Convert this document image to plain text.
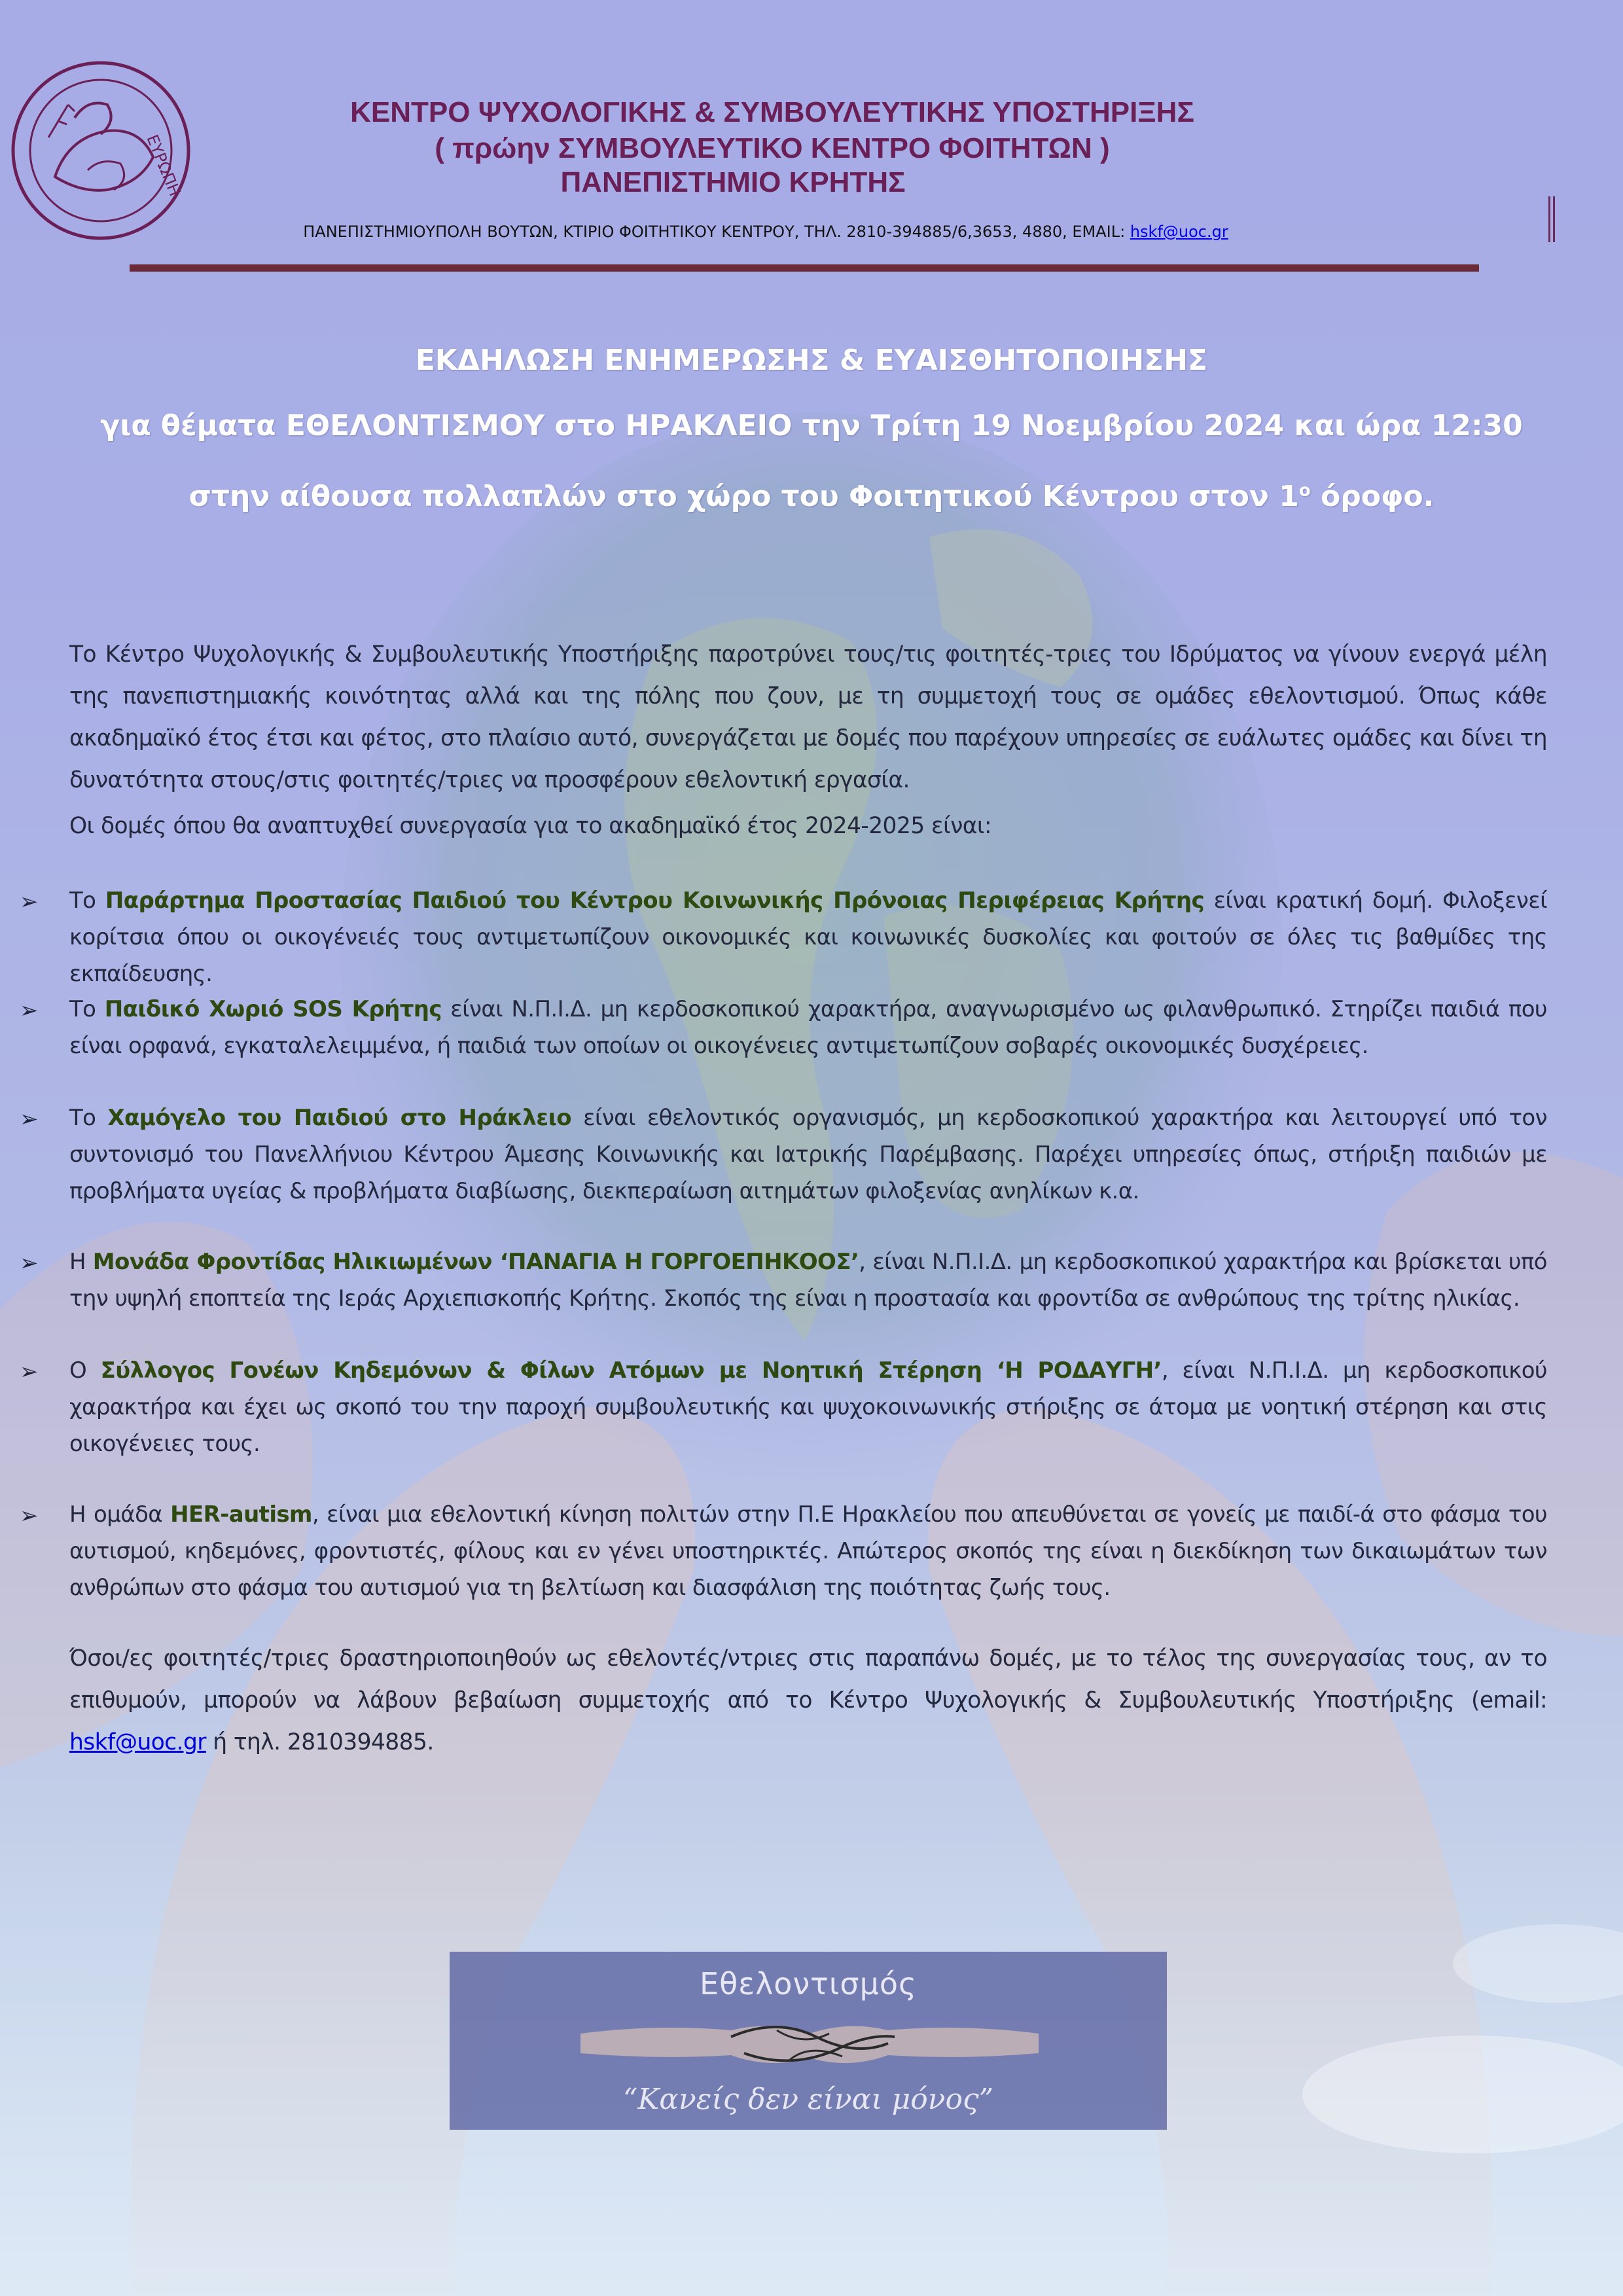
ΕΥΡΩΠΗ
ΚΕΝΤΡΟ ΨΥΧΟΛΟΓΙΚΗΣ & ΣΥΜΒΟΥΛΕΥΤΙΚΗΣ ΥΠΟΣΤΗΡΙΞΗΣ
( πρώην ΣΥΜΒΟΥΛΕΥΤΙΚΟ ΚΕΝΤΡΟ ΦΟΙΤΗΤΩΝ )
ΠΑΝΕΠΙΣΤΗΜΙΟ ΚΡΗΤΗΣ
ΠΑΝΕΠΙΣΤΗΜΙΟΥΠΟΛΗ ΒΟΥΤΩΝ, ΚΤΙΡΙΟ ΦΟΙΤΗΤΙΚΟΥ ΚΕΝΤΡΟΥ, ΤΗΛ. 2810-394885/6,3653, 4880, EMAIL: hskf@uoc.gr

ΕΚΔΗΛΩΣΗ ΕΝΗΜΕΡΩΣΗΣ & ΕΥΑΙΣΘΗΤΟΠΟΙΗΣΗΣ

για θέματα ΕΘΕΛΟΝΤΙΣΜΟΥ στο ΗΡΑΚΛΕΙΟ την Τρίτη 19 Νοεμβρίου 2024 και ώρα 12:30

στην αίθουσα πολλαπλών στο χώρο του Φοιτητικού Κέντρου στον $1^o$ όροφο.

Το Κέντρο Ψυχολογικής & Συμβουλευτικής Υποστήριξης παροτρύνει τους/τις φοιτητές-τριες του Ιδρύματος να γίνουν ενεργά μέλη της πανεπιστημιακής κοινότητας αλλά και της πόλης που ζουν, με τη συμμετοχή τους σε ομάδες εθελοντισμού. Όπως κάθε ακαδημαϊκό έτος έτσι και φέτος, στο πλαίσιο αυτό, συνεργάζεται με δομές που παρέχουν υπηρεσίες σε ευάλωτες ομάδες και δίνει τη δυνατότητα στους/στις φοιτητές/τριες να προσφέρουν εθελοντική εργασία.

Οι δομές όπου θα αναπτυχθεί συνεργασία για το ακαδημαϊκό έτος 2024-2025 είναι:

➢ Το Παράρτημα Προστασίας Παιδιού του Κέντρου Κοινωνικής Πρόνοιας Περιφέρειας Κρήτης είναι κρατική δομή. Φιλοξενεί κορίτσια όπου οι οικογένειές τους αντιμετωπίζουν οικονομικές και κοινωνικές δυσκολίες και φοιτούν σε όλες τις βαθμίδες της εκπαίδευσης.

➢ Το Παιδικό Χωριό SOS Κρήτης είναι Ν.Π.Ι.Δ. μη κερδοσκοπικού χαρακτήρα, αναγνωρισμένο ως φιλανθρωπικό. Στηρίζει παιδιά που είναι ορφανά, εγκαταλελειμμένα, ή παιδιά των οποίων οι οικογένειες αντιμετωπίζουν σοβαρές οικονομικές δυσχέρειες.

➢ Το Χαμόγελο του Παιδιού στο Ηράκλειο είναι εθελοντικός οργανισμός, μη κερδοσκοπικού χαρακτήρα και λειτουργεί υπό τον συντονισμό του Πανελλήνιου Κέντρου Άμεσης Κοινωνικής και Ιατρικής Παρέμβασης. Παρέχει υπηρεσίες όπως, στήριξη παιδιών με προβλήματα υγείας & προβλήματα διαβίωσης, διεκπεραίωση αιτημάτων φιλοξενίας ανηλίκων κ.α.

➢ Η Μονάδα Φροντίδας Ηλικιωμένων ‘ΠΑΝΑΓΙΑ Η ΓΟΡΓΟΕΠΗΚΟΟΣ’, είναι Ν.Π.Ι.Δ. μη κερδοσκοπικού χαρακτήρα και βρίσκεται υπό την υψηλή εποπτεία της Ιεράς Αρχιεπισκοπής Κρήτης. Σκοπός της είναι η προστασία και φροντίδα σε ανθρώπους της τρίτης ηλικίας.

➢ Ο Σύλλογος Γονέων Κηδεμόνων & Φίλων Ατόμων με Νοητική Στέρηση ‘Η ΡΟΔΑΥΓΗ’, είναι Ν.Π.Ι.Δ. μη κερδοσκοπικού χαρακτήρα και έχει ως σκοπό του την παροχή συμβουλευτικής και ψυχοκοινωνικής στήριξης σε άτομα με νοητική στέρηση και στις οικογένειες τους.

➢ Η ομάδα HER-autism, είναι μια εθελοντική κίνηση πολιτών στην Π.Ε Ηρακλείου που απευθύνεται σε γονείς με παιδί-ά στο φάσμα του αυτισμού, κηδεμόνες, φροντιστές, φίλους και εν γένει υποστηρικτές. Απώτερος σκοπός της είναι η διεκδίκηση των δικαιωμάτων των ανθρώπων στο φάσμα του αυτισμού για τη βελτίωση και διασφάλιση της ποιότητας ζωής τους.

Όσοι/ες φοιτητές/τριες δραστηριοποιηθούν ως εθελοντές/ντριες στις παραπάνω δομές, με το τέλος της συνεργασίας τους, αν το επιθυμούν, μπορούν να λάβουν βεβαίωση συμμετοχής από το Κέντρο Ψυχολογικής & Συμβουλευτικής Υποστήριξης (email: hskf@uoc.gr ή τηλ. 2810394885.

Εθελοντισμός
“Κανείς δεν είναι μόνος”
